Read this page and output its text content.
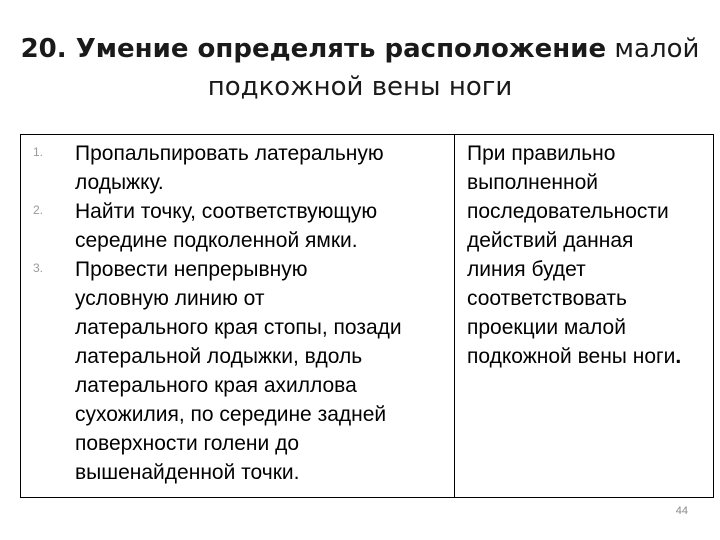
20. Умение определять расположение малой
подкожной вены ноги
1. Пропальпировать латеральную
лодыжку.
2. Найти точку, соответствующую
середине подколенной ямки.
3. Провести непрерывную
условную линию от
латерального края стопы, позади
латеральной лодыжки, вдоль
латерального края ахиллова
сухожилия, по середине задней
поверхности голени до
вышенайденной точки.
При правильно
выполненной
последовательности
действий данная
линия будет
соответствовать
проекции малой
подкожной вены ноги.
44
